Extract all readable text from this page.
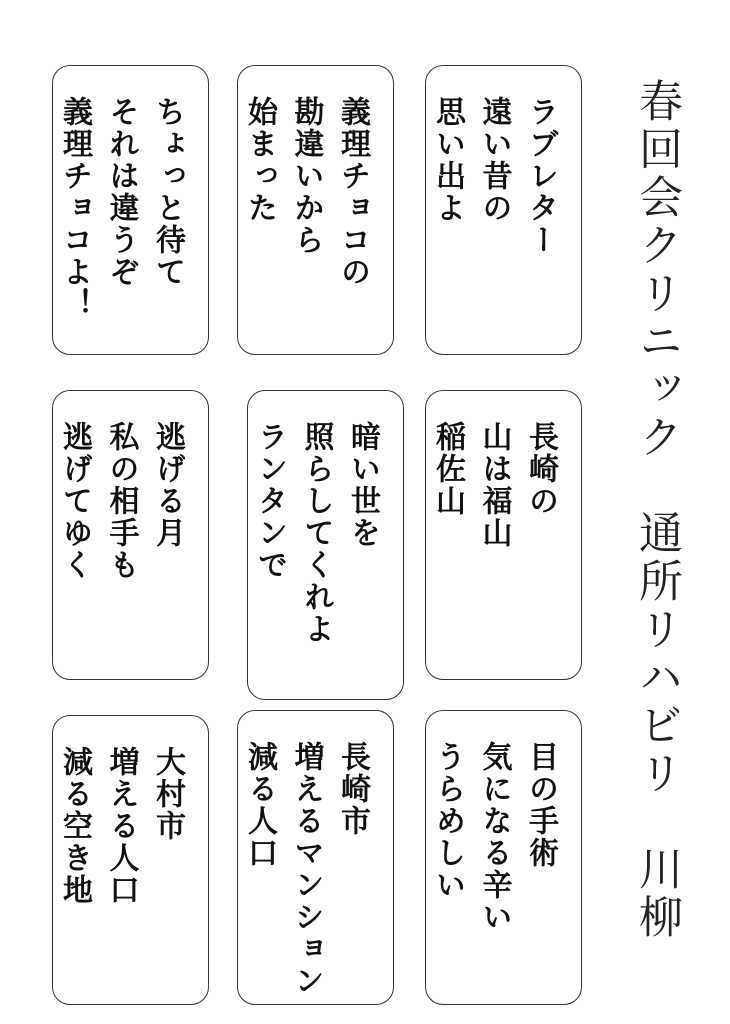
春回会クリニック　通所リハビリ　川柳
ラブレター
遠い昔の
思い出よ
義理チョコの
勘違いから
始まった
ちょっと待て
それは違うぞ
義理チョコよ！
長崎の
山は福山
稲佐山
暗い世を
照らしてくれよ
ランタンで
逃げる月
私の相手も
逃げてゆく
目の手術
気になる辛い
うらめしい
長崎市
増えるマンション
減る人口
大村市
増える人口
減る空き地
